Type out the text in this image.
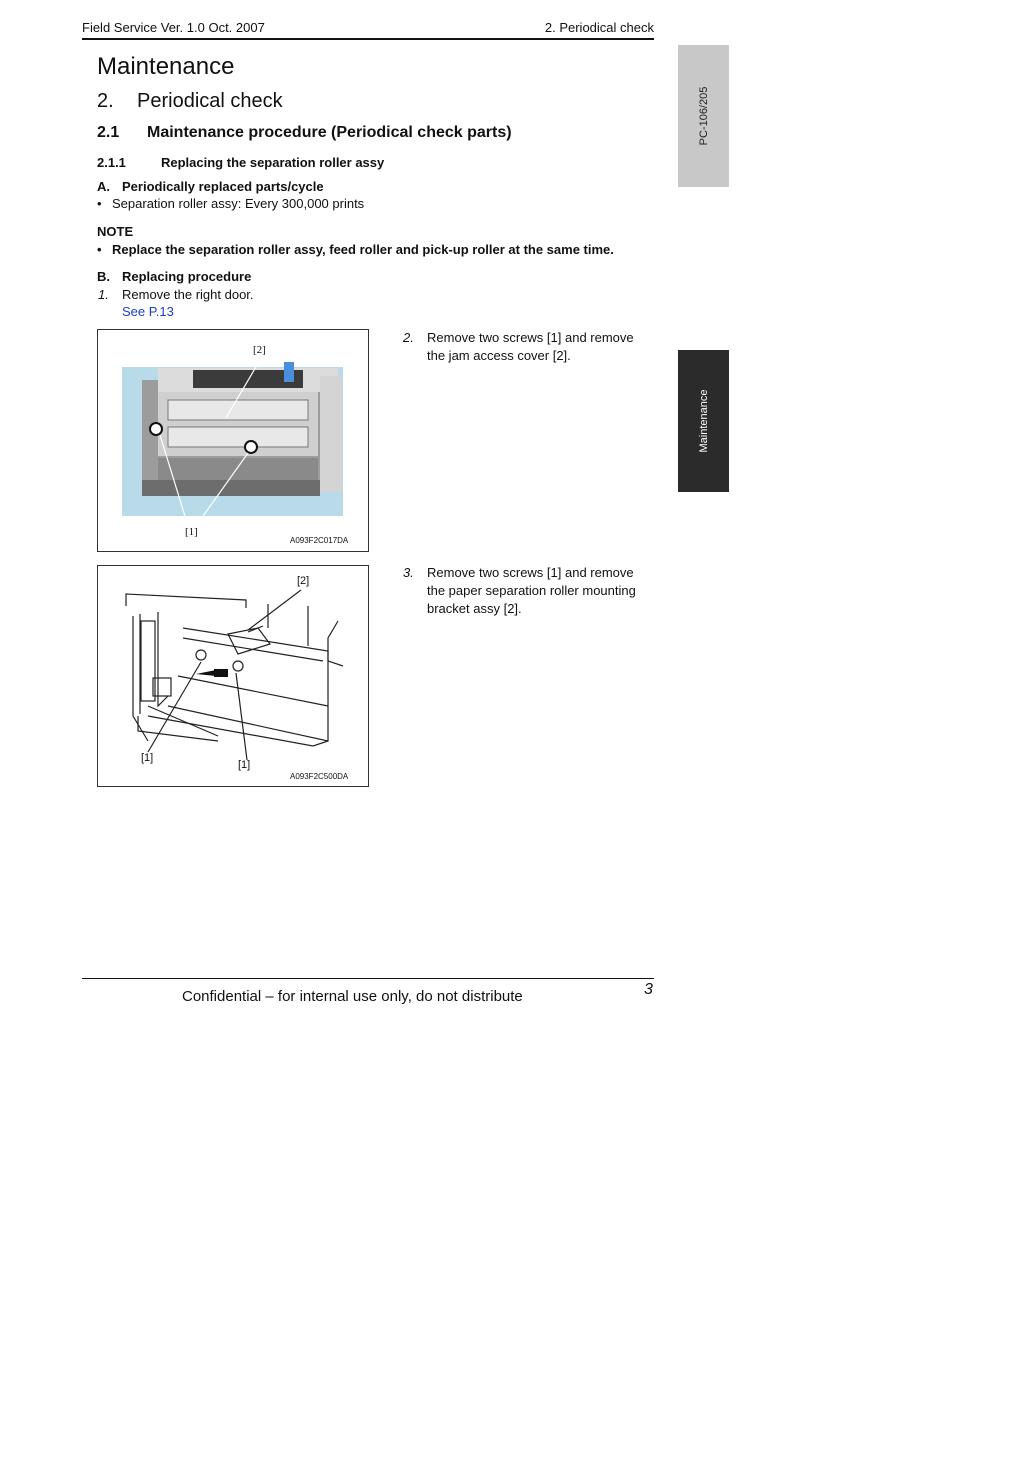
Field Service Ver. 1.0 Oct. 2007	2. Periodical check
Maintenance
2. Periodical check
2.1 Maintenance procedure (Periodical check parts)
2.1.1	Replacing the separation roller assy
A. Periodically replaced parts/cycle
• Separation roller assy: Every 300,000 prints
NOTE
• Replace the separation roller assy, feed roller and pick-up roller at the same time.
B. Replacing procedure
1. Remove the right door.
See P.13
[2]
[1]
A093F2C017DA
2. Remove two screws [1] and remove
the jam access cover [2].
[2]
[1]
[1]
A093F2C500DA
3. Remove two screws [1] and remove
the paper separation roller mounting
bracket assy [2].
PC-106/205
Maintenance
Confidential – for internal use only, do not distribute	3
